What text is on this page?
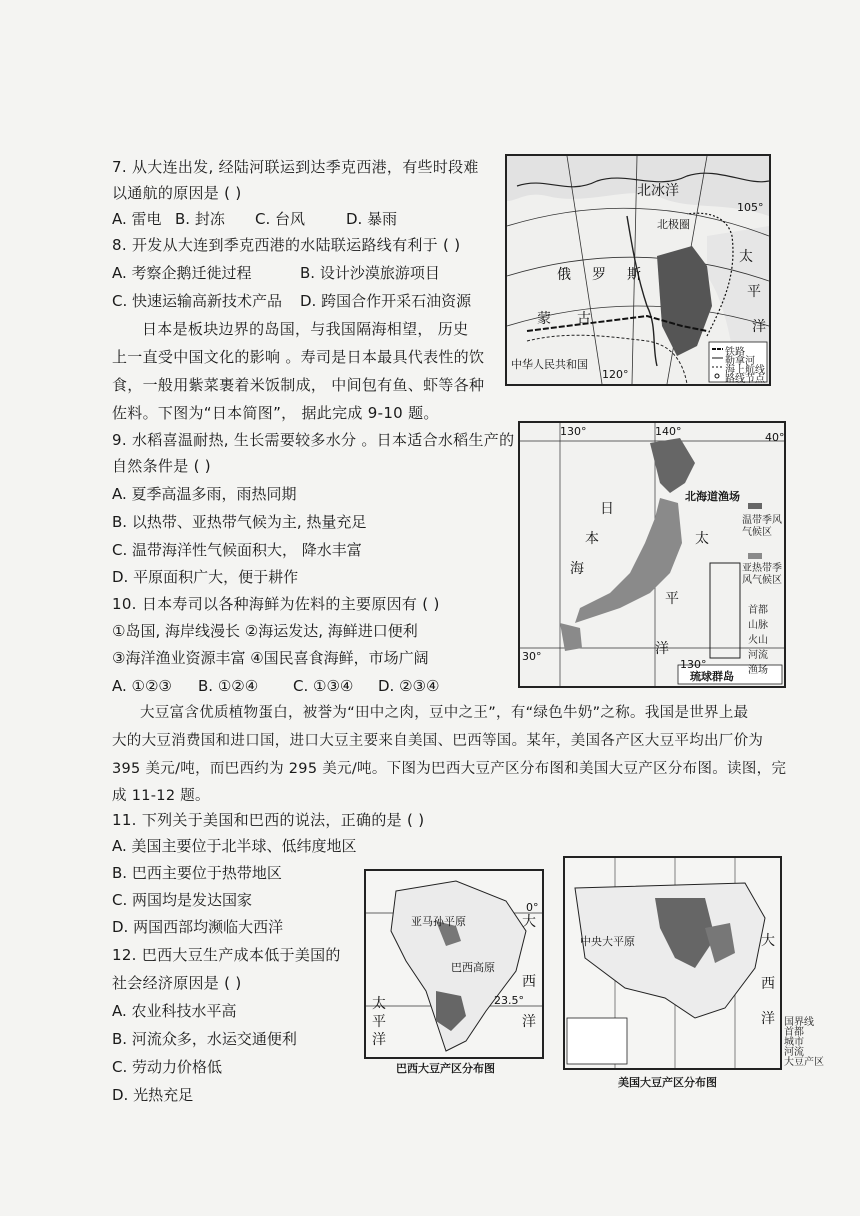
7. 从大连出发, 经陆河联运到达季克西港，有些时段难
以通航的原因是 ( )
A. 雷电 B. 封冻 C. 台风	D. 暴雨
8. 开发从大连到季克西港的水陆联运路线有利于 ( )
A. 考察企鹅迁徙过程	B. 设计沙漠旅游项目
C. 快速运输高新技术产品 D. 跨国合作开采石油资源
日本是板块边界的岛国，与我国隔海相望， 历史
上一直受中国文化的影响 。寿司是日本最具代表性的饮
食，一般用紫菜裹着米饭制成， 中间包有鱼、虾等各种
佐料。下图为“日本简图”， 据此完成 9-10 题。
9. 水稻喜温耐热, 生长需要较多水分 。日本适合水稻生产的
自然条件是 ( )
A. 夏季高温多雨，雨热同期
B. 以热带、亚热带气候为主, 热量充足
C. 温带海洋性气候面积大， 降水丰富
D. 平原面积广大，便于耕作
10. 日本寿司以各种海鲜为佐料的主要原因有 ( )
①岛国, 海岸线漫长 ②海运发达, 海鲜进口便利
③海洋渔业资源丰富 ④国民喜食海鲜，市场广阔
A. ①②③ B. ①②④ C. ①③④ D. ②③④
大豆富含优质植物蛋白，被誉为“田中之肉，豆中之王”，有“绿色牛奶”之称。我国是世界上最
大的大豆消费国和进口国，进口大豆主要来自美国、巴西等国。某年，美国各产区大豆平均出厂价为
395 美元/吨，而巴西约为 295 美元/吨。下图为巴西大豆产区分布图和美国大豆产区分布图。读图，完
成 11-12 题。
11. 下列关于美国和巴西的说法，正确的是 ( )
A. 美国主要位于北半球、低纬度地区
B. 巴西主要位于热带地区
C. 两国均是发达国家
D. 两国西部均濒临大西洋
12. 巴西大豆生产成本低于美国的
社会经济原因是 ( )
A. 农业科技水平高
B. 河流众多，水运交通便利
C. 劳动力价格低
D. 光热充足
北冰洋
北极圈
俄 罗 斯
蒙 古
中华人民共和国
太
平
洋
120°
105°
铁路
勒拿河
海上航线
路线节点
130°	140°	40°
30°
130°
日
本
海
北海道渔场
太
平
洋
琉球群岛
温带季风气候区
亚热带季风气候区
首都
山脉
火山
河流
渔场
亚马孙平原
巴西高原
太
平
洋
大
西
洋
0°
23.5°
巴西大豆产区分布图
中央大平原	大
西
洋 国界线
首都
城市
河流
大豆产区
美国大豆产区分布图
